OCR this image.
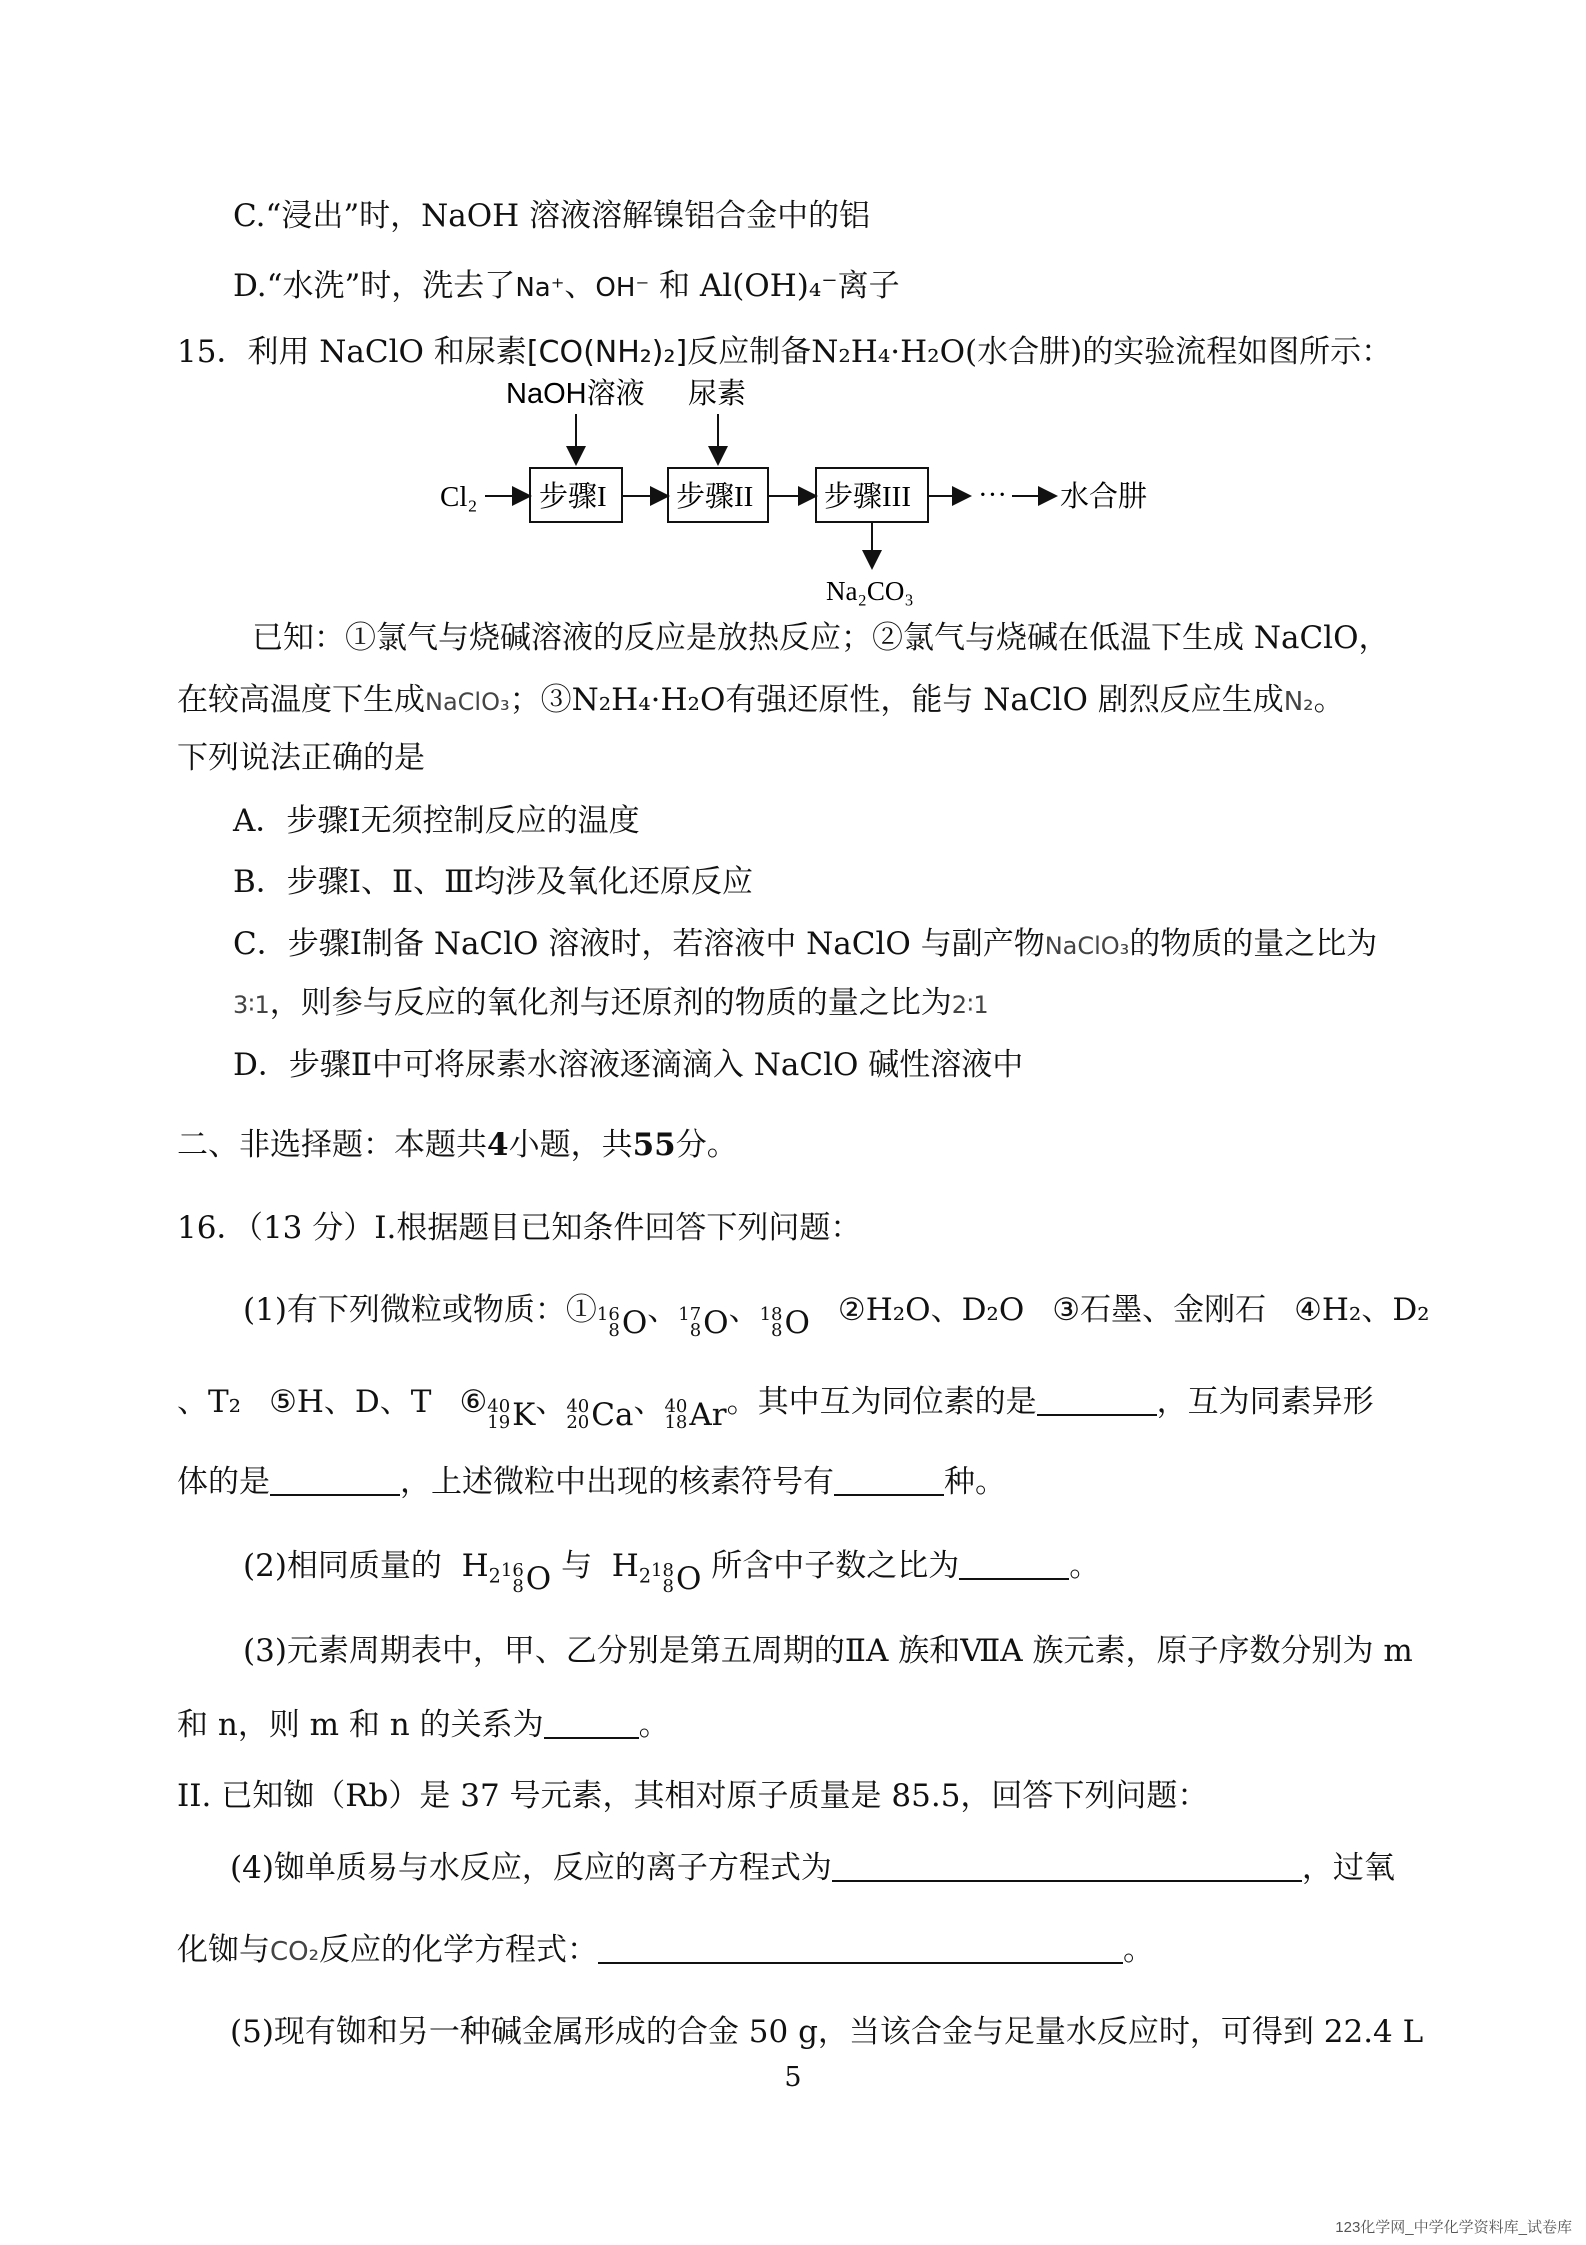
C.“浸出”时，NaOH 溶液溶解镍铝合金中的铝
D.“水洗”时，洗去了Na⁺、OH⁻ 和 Al(OH)₄⁻离子
15．利用 NaClO 和尿素[CO(NH₂)₂]反应制备N₂H₄·H₂O(水合肼)的实验流程如图所示：
NaOH溶液 尿素
Cl₂ 步骤I 步骤II 步骤III ··· 水合肼
Na₂CO₃
已知：①氯气与烧碱溶液的反应是放热反应；②氯气与烧碱在低温下生成 NaClO，
在较高温度下生成NaClO₃；③N₂H₄·H₂O有强还原性，能与 NaClO 剧烈反应生成N₂。
下列说法正确的是
A．步骤Ⅰ无须控制反应的温度
B．步骤Ⅰ、Ⅱ、Ⅲ均涉及氧化还原反应
C．步骤Ⅰ制备 NaClO 溶液时，若溶液中 NaClO 与副产物NaClO₃的物质的量之比为
3∶1，则参与反应的氧化剂与还原剂的物质的量之比为2∶1
D．步骤Ⅱ中可将尿素水溶液逐滴滴入 NaClO 碱性溶液中
二、非选择题：本题共4小题，共55分。
16．（13 分）I.根据题目已知条件回答下列问题：
(1)有下列微粒或物质：① 16
8 O 、 17
8 O 、 18
8 O ②H₂O、D₂O ③石墨、金刚石 ④H₂、D₂
、T₂ ⑤H、D、T ⑥ 40
19 K 、 40
20 Ca 、 40
18 Ar 。其中互为同位素的是	，互为同素异形
体的是	，上述微粒中出现的核素符号有	种。
(2)相同质量的  $H_2$ 16
8 O 与  $H_2$ 18
8 O 所含中子数之比为	。
(3)元素周期表中，甲、乙分别是第五周期的ⅡA 族和ⅦA 族元素，原子序数分别为 m
和 n，则 m 和 n 的关系为	。
II. 已知铷（Rb）是 37 号元素，其相对原子质量是 85.5，回答下列问题：
(4)铷单质易与水反应，反应的离子方程式为	，过氧
化铷与CO₂反应的化学方程式：	。
(5)现有铷和另一种碱金属形成的合金 50 g，当该合金与足量水反应时，可得到 22.4 L
5
123化学网_中学化学资料库_试卷库
